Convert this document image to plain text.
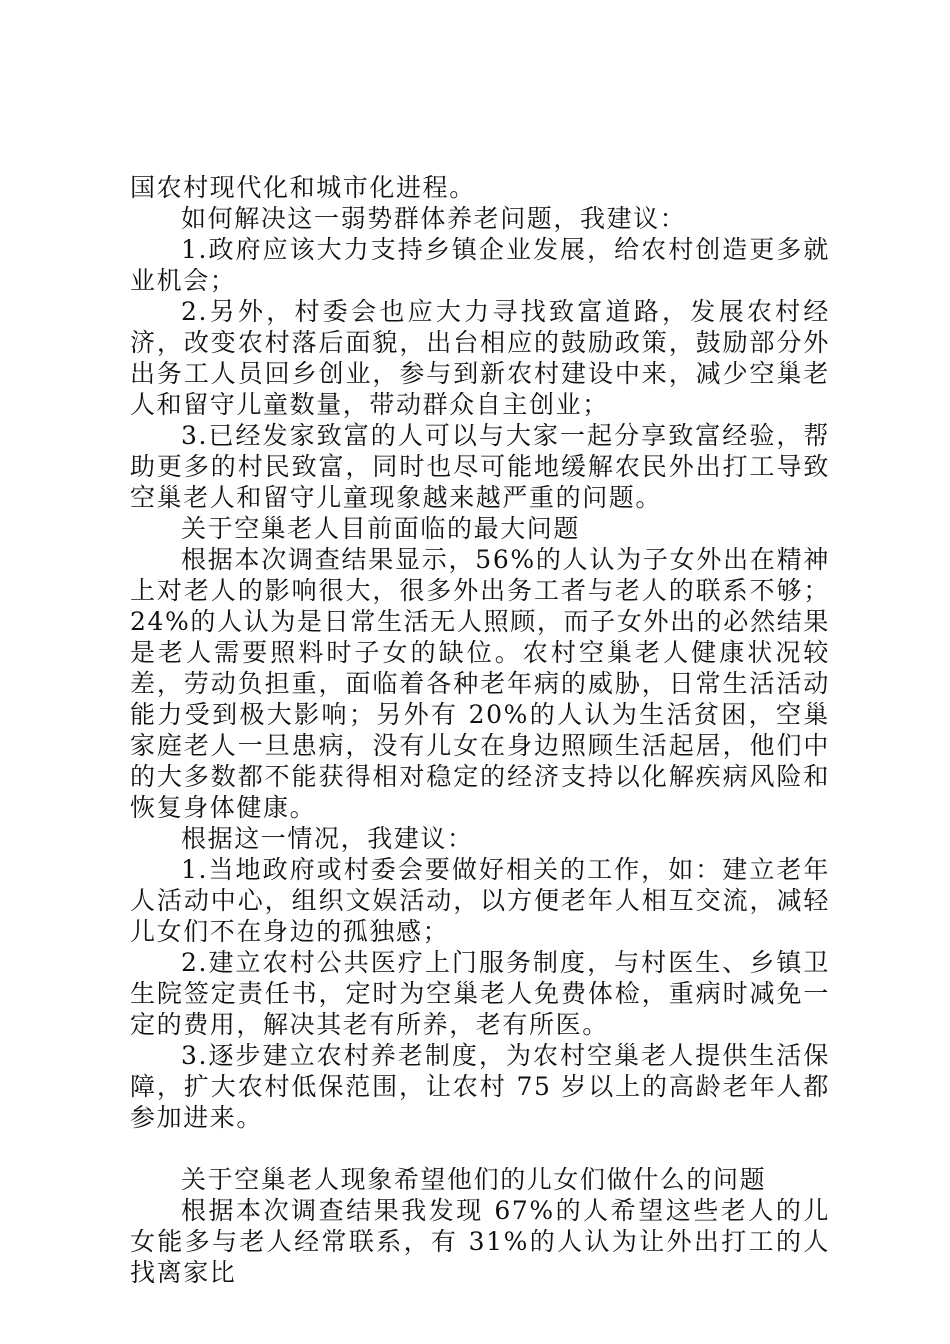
国农村现代化和城市化进程。

如何解决这一弱势群体养老问题，我建议：

1.政府应该大力支持乡镇企业发展，给农村创造更多就业机会；

2.另外，村委会也应大力寻找致富道路，发展农村经济，改变农村落后面貌，出台相应的鼓励政策，鼓励部分外出务工人员回乡创业，参与到新农村建设中来，减少空巢老人和留守儿童数量，带动群众自主创业；

3.已经发家致富的人可以与大家一起分享致富经验，帮助更多的村民致富，同时也尽可能地缓解农民外出打工导致空巢老人和留守儿童现象越来越严重的问题。

关于空巢老人目前面临的最大问题

根据本次调查结果显示，56%的人认为子女外出在精神上对老人的影响很大，很多外出务工者与老人的联系不够；24%的人认为是日常生活无人照顾，而子女外出的必然结果是老人需要照料时子女的缺位。农村空巢老人健康状况较差，劳动负担重，面临着各种老年病的威胁，日常生活活动能力受到极大影响；另外有 20%的人认为生活贫困，空巢家庭老人一旦患病，没有儿女在身边照顾生活起居，他们中的大多数都不能获得相对稳定的经济支持以化解疾病风险和恢复身体健康。

根据这一情况，我建议：

1.当地政府或村委会要做好相关的工作，如：建立老年人活动中心，组织文娱活动，以方便老年人相互交流，减轻儿女们不在身边的孤独感；

2.建立农村公共医疗上门服务制度，与村医生、乡镇卫生院签定责任书，定时为空巢老人免费体检，重病时减免一定的费用，解决其老有所养，老有所医。

3.逐步建立农村养老制度，为农村空巢老人提供生活保障，扩大农村低保范围，让农村 75 岁以上的高龄老年人都参加进来。

关于空巢老人现象希望他们的儿女们做什么的问题

根据本次调查结果我发现 67%的人希望这些老人的儿女能多与老人经常联系，有 31%的人认为让外出打工的人找离家比
